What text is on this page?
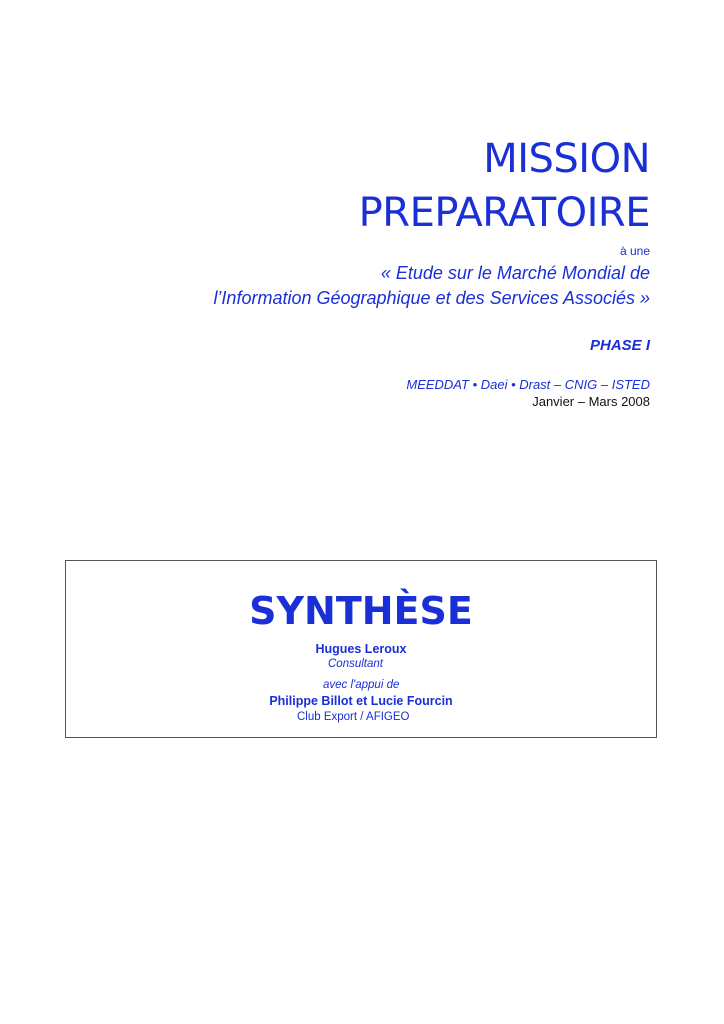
MISSION
PREPARATOIRE
à une
« Etude sur le Marché Mondial de
l’Information Géographique et des Services Associés »
PHASE I
MEEDDAT • Daei • Drast – CNIG – ISTED
Janvier – Mars 2008
SYNTHÈSE
Hugues Leroux
Consultant
avec l'appui de
Philippe Billot et Lucie Fourcin
Club Export / AFIGEO
